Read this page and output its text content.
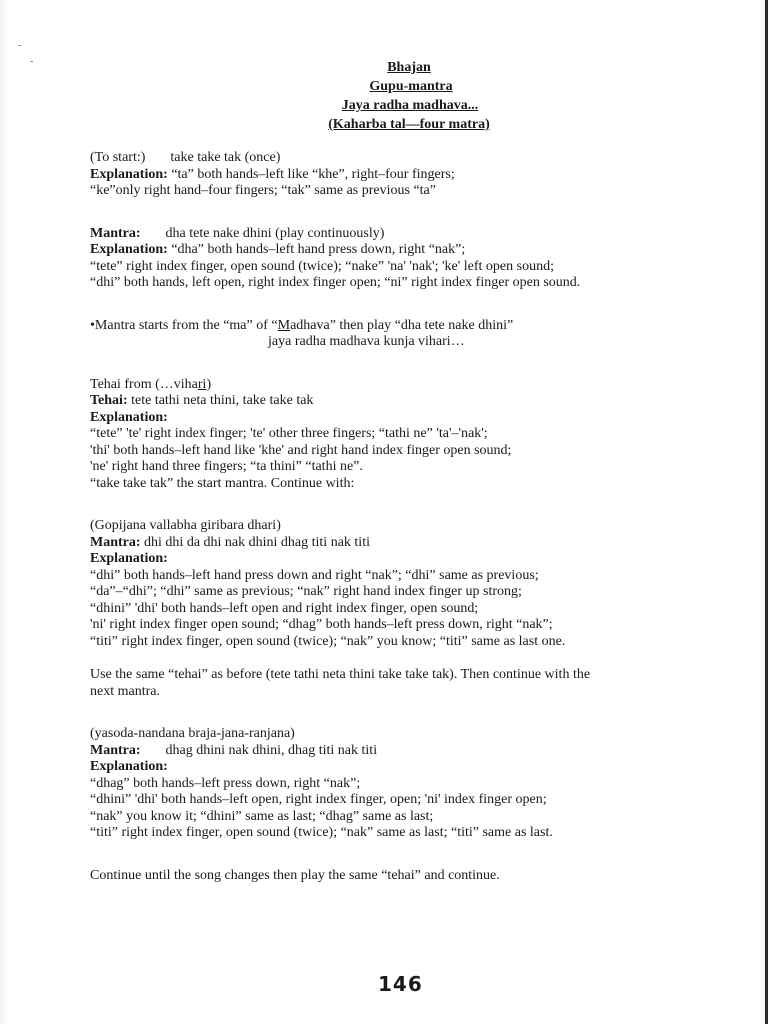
-
-	Bhajan
Gupu-mantra
Jaya radha madhava...
(Kaharba tal—four matra)
(To start:) take take tak (once)
Explanation: “ta” both hands–left like “khe”, right–four fingers;
“ke”only right hand–four fingers; “tak” same as previous “ta”
Mantra: dha tete nake dhini (play continuously)
Explanation: “dha” both hands–left hand press down, right “nak”;
“tete” right index finger, open sound (twice); “nake” 'na' 'nak'; 'ke' left open sound;
“dhi” both hands, left open, right index finger open; “ni” right index finger open sound.
•Mantra starts from the “ma” of “Madhava” then play “dha tete nake dhini”
jaya radha madhava kunja vihari…
Tehai from (…vihari)
Tehai: tete tathi neta thini, take take tak
Explanation:
“tete” 'te' right index finger; 'te' other three fingers; “tathi ne” 'ta'–'nak';
'thi' both hands–left hand like 'khe' and right hand index finger open sound;
'ne' right hand three fingers; “ta thini” “tathi ne”.
“take take tak” the start mantra. Continue with:
(Gopijana vallabha giribara dhari)
Mantra: dhi dhi da dhi nak dhini dhag titi nak titi
Explanation:
“dhi” both hands–left hand press down and right “nak”; “dhi” same as previous;
“da”–“dhi”; “dhi” same as previous; “nak” right hand index finger up strong;
“dhini” 'dhi' both hands–left open and right index finger, open sound;
'ni' right index finger open sound; “dhag” both hands–left press down, right “nak”;
“titi” right index finger, open sound (twice); “nak” you know; “titi” same as last one.
Use the same “tehai” as before (tete tathi neta thini take take tak). Then continue with the
next mantra.
(yasoda-nandana braja-jana-ranjana)
Mantra: dhag dhini nak dhini, dhag titi nak titi
Explanation:
“dhag” both hands–left press down, right “nak”;
“dhini” 'dhi' both hands–left open, right index finger, open; 'ni' index finger open;
“nak” you know it; “dhini” same as last; “dhag” same as last;
“titi” right index finger, open sound (twice); “nak” same as last; “titi” same as last.
Continue until the song changes then play the same “tehai” and continue.
146
